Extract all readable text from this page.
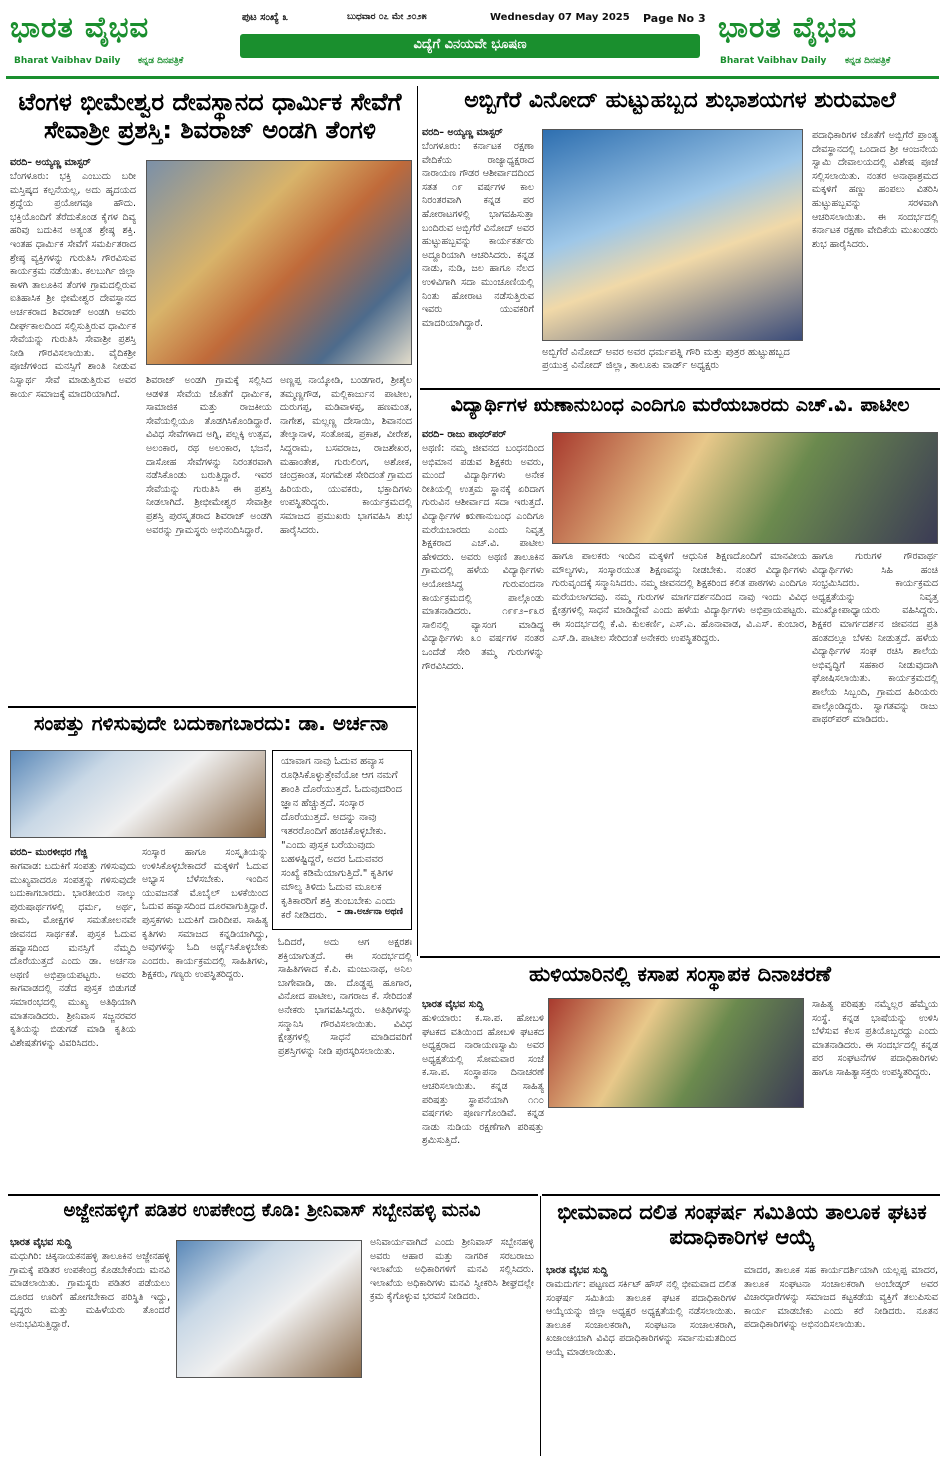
ಭಾರತ ವೈಭವ
Bharat Vaibhav Daily ಕನ್ನಡ ದಿನಪತ್ರಿಕೆ
ಪುಟ ಸಂಖ್ಯೆ ೩	ಬುಧವಾರ ೦೭ ಮೇ ೨೦೨೫	Wednesday 07 May 2025 Page No 3
ವಿದ್ಯೆಗೆ ವಿನಯವೇ ಭೂಷಣ
ಭಾರತ ವೈಭವ
Bharat Vaibhav Daily ಕನ್ನಡ ದಿನಪತ್ರಿಕೆ
ಟೆಂಗಳ ಭೀಮೇಶ್ವರ ದೇವಸ್ಥಾನದ ಧಾರ್ಮಿಕ ಸೇವೆಗೆ ಸೇವಾಶ್ರೀ ಪ್ರಶಸ್ತಿ: ಶಿವರಾಜ್ ಅಂಡಗಿ ತೆಂಗಳಿ
ವರದಿ– ಅಯ್ಯಣ್ಣ ಮಾಸ್ಟರ್
ಬೆಂಗಳೂರು: ಭಕ್ತಿ ಎಂಬುದು ಬರೀ ಮಸ್ತಿಷ್ಕದ ಕಲ್ಪನೆಯಲ್ಲ, ಅದು ಹೃದಯದ ಶ್ರದ್ಧೆಯ ಪ್ರಯೋಗವೂ ಹೌದು. ಭಕ್ತಿಯೊಂದಿಗೆ ತೆರೆದುಕೊಂಡ ಕೈಗಳ ದಿವ್ಯ ಹರಿವು ಬದುಕಿನ ಅತ್ಯಂತ ಶ್ರೇಷ್ಠ ಶಕ್ತಿ. ಇಂತಹ ಧಾರ್ಮಿಕ ಸೇವೆಗೆ ಸಮರ್ಪಿತರಾದ ಶ್ರೇಷ್ಠ ವ್ಯಕ್ತಿಗಳನ್ನು ಗುರುತಿಸಿ ಗೌರವಿಸುವ ಕಾರ್ಯಕ್ರಮ ನಡೆಯಿತು. ಕಲಬುರ್ಗಿ ಜಿಲ್ಲಾ ಕಾಳಗಿ ತಾಲೂಕಿನ ತೆಂಗಳಿ ಗ್ರಾಮದಲ್ಲಿರುವ ಐತಿಹಾಸಿಕ ಶ್ರೀ ಭೀಮೇಶ್ವರ ದೇವಸ್ಥಾನದ ಅರ್ಚಕರಾದ ಶಿವರಾಜ್ ಅಂಡಗಿ ಅವರು ದೀರ್ಘಕಾಲದಿಂದ ಸಲ್ಲಿಸುತ್ತಿರುವ ಧಾರ್ಮಿಕ ಸೇವೆಯನ್ನು ಗುರುತಿಸಿ ಸೇವಾಶ್ರೀ ಪ್ರಶಸ್ತಿ ನೀಡಿ ಗೌರವಿಸಲಾಯಿತು. ವೈದಿಕಶ್ರೀ ಪೂಜೆಗಳಿಂದ ಮನಸ್ಸಿಗೆ ಶಾಂತಿ ನೀಡುವ ನಿಸ್ವಾರ್ಥ ಸೇವೆ ಮಾಡುತ್ತಿರುವ ಅವರ ಕಾರ್ಯ ಸಮಾಜಕ್ಕೆ ಮಾದರಿಯಾಗಿದೆ.
ಶಿವರಾಜ್ ಅಂಡಗಿ ಗ್ರಾಮಕ್ಕೆ ಸಲ್ಲಿಸಿದ ಆಡಳಿತ ಸೇವೆಯ ಜೊತೆಗೆ ಧಾರ್ಮಿಕ, ಸಾಮಾಜಿಕ ಮತ್ತು ರಾಜಕೀಯ ಸೇವೆಯಲ್ಲಿಯೂ ತೊಡಗಿಸಿಕೊಂಡಿದ್ದಾರೆ. ವಿವಿಧ ಸೇವೆಗಳಾದ ಅಗ್ನಿ, ಪಲ್ಲಕ್ಕಿ ಉತ್ಸವ, ಅಲಂಕಾರ, ರಥ ಅಲಂಕಾರ, ಭಜನೆ, ದಾಸೋಹ ಸೇವೆಗಳನ್ನು ನಿರಂತರವಾಗಿ ನಡೆಸಿಕೊಂಡು ಬರುತ್ತಿದ್ದಾರೆ. ಇವರ ಸೇವೆಯನ್ನು ಗುರುತಿಸಿ ಈ ಪ್ರಶಸ್ತಿ ನೀಡಲಾಗಿದೆ. ಶ್ರೀಭೀಮೇಶ್ವರ ಸೇವಾಶ್ರೀ ಪ್ರಶಸ್ತಿ ಪುರಸ್ಕೃತರಾದ ಶಿವರಾಜ್ ಅಂಡಗಿ ಅವರನ್ನು ಗ್ರಾಮಸ್ಥರು ಅಭಿನಂದಿಸಿದ್ದಾರೆ.
ಅಣ್ಣಪ್ಪ ನಾಯ್ಕೋಡಿ, ಬಂಡಗಾರ, ಶ್ರೀಶೈಲ ತಮ್ಮಣ್ಣಗೌಡ, ಮಲ್ಲಿಕಾರ್ಜುನ ಪಾಟೀಲ, ದುರುಗಪ್ಪ, ಮಡಿವಾಳಪ್ಪ, ಹಣಮಂತ, ನಾಗೇಶ, ಮಲ್ಲಣ್ಣ ದೇಸಾಯಿ, ಶಿವಾನಂದ ತೇಲ್ಕಾನಾಳ, ಸಂತೋಷ, ಪ್ರಕಾಶ, ವೀರೇಶ, ಸಿದ್ದರಾಮ, ಬಸವರಾಜ, ರಾಜಶೇಖರ, ಮಹಾಂತೇಶ, ಗುರುಲಿಂಗ, ಅಶೋಕ, ಚಂದ್ರಕಾಂತ, ಸಂಗಮೇಶ ಸೇರಿದಂತೆ ಗ್ರಾಮದ ಹಿರಿಯರು, ಯುವಕರು, ಭಕ್ತಾದಿಗಳು ಉಪಸ್ಥಿತರಿದ್ದರು. ಕಾರ್ಯಕ್ರಮದಲ್ಲಿ ಸಮಾಜದ ಪ್ರಮುಖರು ಭಾಗವಹಿಸಿ ಶುಭ ಹಾರೈಸಿದರು.
ಅಬ್ಬಿಗೆರೆ ವಿನೋದ್ ಹುಟ್ಟುಹಬ್ಬದ ಶುಭಾಶಯಗಳ ಶುರುಮಾಲೆ
ವರದಿ– ಅಯ್ಯಣ್ಣ ಮಾಸ್ಟರ್
ಬೆಂಗಳೂರು: ಕರ್ನಾಟಕ ರಕ್ಷಣಾ ವೇದಿಕೆಯ ರಾಜ್ಯಾಧ್ಯಕ್ಷರಾದ ನಾರಾಯಣ ಗೌಡರ ಆಶೀರ್ವಾದದಿಂದ ಸತತ ೧೯ ವರ್ಷಗಳ ಕಾಲ ನಿರಂತರವಾಗಿ ಕನ್ನಡ ಪರ ಹೋರಾಟಗಳಲ್ಲಿ ಭಾಗವಹಿಸುತ್ತಾ ಬಂದಿರುವ ಅಬ್ಬಿಗೆರೆ ವಿನೋದ್ ಅವರ ಹುಟ್ಟುಹಬ್ಬವನ್ನು ಕಾರ್ಯಕರ್ತರು ಅದ್ದೂರಿಯಾಗಿ ಆಚರಿಸಿದರು. ಕನ್ನಡ ನಾಡು, ನುಡಿ, ಜಲ ಹಾಗೂ ನೆಲದ ಉಳಿವಿಗಾಗಿ ಸದಾ ಮುಂಚೂಣಿಯಲ್ಲಿ ನಿಂತು ಹೋರಾಟ ನಡೆಸುತ್ತಿರುವ ಇವರು ಯುವಕರಿಗೆ ಮಾದರಿಯಾಗಿದ್ದಾರೆ.
ಅಬ್ಬಿಗೆರೆ ವಿನೋದ್ ಅವರ ಅವರ ಧರ್ಮಪತ್ನಿ ಗೌರಿ ಮತ್ತು ಪುತ್ರರ ಹುಟ್ಟುಹಬ್ಬದ ಪ್ರಯುಕ್ತ ವಿನೋದ್ ಜಿಲ್ಲಾ, ತಾಲೂಕು ವಾರ್ಡ್ ಅಧ್ಯಕ್ಷರು
ಪದಾಧಿಕಾರಿಗಳ ಜೊತೆಗೆ ಅಬ್ಬಿಗೆರೆ ಪ್ರಾಂತ್ಯ ದೇವಸ್ಥಾನದಲ್ಲಿ ಒಂದಾದ ಶ್ರೀ ಆಂಜನೇಯ ಸ್ವಾಮಿ ದೇವಾಲಯದಲ್ಲಿ ವಿಶೇಷ ಪೂಜೆ ಸಲ್ಲಿಸಲಾಯಿತು. ನಂತರ ಅನಾಥಾಶ್ರಮದ ಮಕ್ಕಳಿಗೆ ಹಣ್ಣು ಹಂಪಲು ವಿತರಿಸಿ ಹುಟ್ಟುಹಬ್ಬವನ್ನು ಸರಳವಾಗಿ ಆಚರಿಸಲಾಯಿತು. ಈ ಸಂದರ್ಭದಲ್ಲಿ ಕರ್ನಾಟಕ ರಕ್ಷಣಾ ವೇದಿಕೆಯ ಮುಖಂಡರು ಶುಭ ಹಾರೈಸಿದರು.
ವಿದ್ಯಾರ್ಥಿಗಳ ಋಣಾನುಬಂಧ ಎಂದಿಗೂ ಮರೆಯಬಾರದು ಎಚ್.ವಿ. ಪಾಟೀಲ
ವರದಿ– ರಾಜು ಪಾಥರ್‌ಪರ್
ಅಥಣಿ: ನಮ್ಮ ಜೀವನದ ಬಂಧನದಿಂದ ಅಭಿಮಾನ ಪಡುವ ಶಿಕ್ಷಕರು ಅವರು, ಮುಂದೆ ವಿದ್ಯಾರ್ಥಿಗಳು ಅನೇಕ ರೀತಿಯಲ್ಲಿ ಉತ್ತಮ ಸ್ಥಾನಕ್ಕೆ ಏರಿದಾಗ ಗುರುವಿನ ಆಶೀರ್ವಾದ ಸದಾ ಇರುತ್ತದೆ. ವಿದ್ಯಾರ್ಥಿಗಳ ಋಣಾನುಬಂಧ ಎಂದಿಗೂ ಮರೆಯಬಾರದು ಎಂದು ನಿವೃತ್ತ ಶಿಕ್ಷಕರಾದ ಎಚ್.ವಿ. ಪಾಟೀಲ ಹೇಳಿದರು. ಅವರು ಅಥಣಿ ತಾಲೂಕಿನ ಗ್ರಾಮದಲ್ಲಿ ಹಳೆಯ ವಿದ್ಯಾರ್ಥಿಗಳು ಆಯೋಜಿಸಿದ್ದ ಗುರುವಂದನಾ ಕಾರ್ಯಕ್ರಮದಲ್ಲಿ ಪಾಲ್ಗೊಂಡು ಮಾತನಾಡಿದರು. ೧೯೯೨–೯೩ರ ಸಾಲಿನಲ್ಲಿ ವ್ಯಾಸಂಗ ಮಾಡಿದ್ದ ವಿದ್ಯಾರ್ಥಿಗಳು ೩೦ ವರ್ಷಗಳ ನಂತರ ಒಂದೆಡೆ ಸೇರಿ ತಮ್ಮ ಗುರುಗಳನ್ನು ಗೌರವಿಸಿದರು.
ಹಾಗೂ ಪಾಲಕರು ಇಂದಿನ ಮಕ್ಕಳಿಗೆ ಆಧುನಿಕ ಶಿಕ್ಷಣದೊಂದಿಗೆ ಮಾನವೀಯ ಮೌಲ್ಯಗಳು, ಸಂಸ್ಕಾರಯುತ ಶಿಕ್ಷಣವನ್ನು ನೀಡಬೇಕು. ನಂತರ ವಿದ್ಯಾರ್ಥಿಗಳು ಗುರುವೃಂದಕ್ಕೆ ಸನ್ಮಾನಿಸಿದರು. ನಮ್ಮ ಜೀವನದಲ್ಲಿ ಶಿಕ್ಷಕರಿಂದ ಕಲಿತ ಪಾಠಗಳು ಎಂದಿಗೂ ಮರೆಯಲಾಗದವು. ನಮ್ಮ ಗುರುಗಳ ಮಾರ್ಗದರ್ಶನದಿಂದ ನಾವು ಇಂದು ವಿವಿಧ ಕ್ಷೇತ್ರಗಳಲ್ಲಿ ಸಾಧನೆ ಮಾಡಿದ್ದೇವೆ ಎಂದು ಹಳೆಯ ವಿದ್ಯಾರ್ಥಿಗಳು ಅಭಿಪ್ರಾಯಪಟ್ಟರು. ಈ ಸಂದರ್ಭದಲ್ಲಿ ಕೆ.ವಿ. ಕುಲಕರ್ಣಿ, ಎಸ್.ಎ. ಹೊನಾವಾಡ, ವಿ.ಎಸ್. ಕುಂಬಾರ, ಎಸ್.ಡಿ. ಪಾಟೀಲ ಸೇರಿದಂತೆ ಅನೇಕರು ಉಪಸ್ಥಿತರಿದ್ದರು.
ಹಾಗೂ ಗುರುಗಳ ಗೌರವಾರ್ಥ ವಿದ್ಯಾರ್ಥಿಗಳು ಸಿಹಿ ಹಂಚಿ ಸಂಭ್ರಮಿಸಿದರು. ಕಾರ್ಯಕ್ರಮದ ಅಧ್ಯಕ್ಷತೆಯನ್ನು ನಿವೃತ್ತ ಮುಖ್ಯೋಪಾಧ್ಯಾಯರು ವಹಿಸಿದ್ದರು. ಶಿಕ್ಷಕರ ಮಾರ್ಗದರ್ಶನ ಜೀವನದ ಪ್ರತಿ ಹಂತದಲ್ಲೂ ಬೆಳಕು ನೀಡುತ್ತದೆ. ಹಳೆಯ ವಿದ್ಯಾರ್ಥಿಗಳ ಸಂಘ ರಚಿಸಿ ಶಾಲೆಯ ಅಭಿವೃದ್ಧಿಗೆ ಸಹಕಾರ ನೀಡುವುದಾಗಿ ಘೋಷಿಸಲಾಯಿತು. ಕಾರ್ಯಕ್ರಮದಲ್ಲಿ ಶಾಲೆಯ ಸಿಬ್ಬಂದಿ, ಗ್ರಾಮದ ಹಿರಿಯರು ಪಾಲ್ಗೊಂಡಿದ್ದರು. ಸ್ವಾಗತವನ್ನು ರಾಜು ಪಾಥರ್‌ಪರ್ ಮಾಡಿದರು.
ಸಂಪತ್ತು ಗಳಿಸುವುದೇ ಬದುಕಾಗಬಾರದು: ಡಾ. ಅರ್ಚನಾ
ಯಾವಾಗ ನಾವು ಓದುವ ಹವ್ಯಾಸ ರೂಢಿಸಿಕೊಳ್ಳುತ್ತೇವೆಯೋ ಆಗ ನಮಗೆ ಶಾಂತಿ ದೊರೆಯುತ್ತದೆ. ಓದುವುದರಿಂದ ಜ್ಞಾನ ಹೆಚ್ಚುತ್ತದೆ. ಸಂಸ್ಕಾರ ದೊರೆಯುತ್ತದೆ. ಅದನ್ನು ನಾವು ಇತರರೊಂದಿಗೆ ಹಂಚಿಕೊಳ್ಳಬೇಕು. "ಎಂದು ಪುಸ್ತಕ ಬರೆಯುವುದು ಬಹಳಷ್ಟಿದ್ದರೆ, ಅದರ ಓದುವವರ ಸಂಖ್ಯೆ ಕಡಿಮೆಯಾಗುತ್ತಿದೆ." ಕೃತಿಗಳ ಮೌಲ್ಯ ತಿಳಿದು ಓದುವ ಮೂಲಕ ಕೃತಿಕಾರರಿಗೆ ಶಕ್ತಿ ತುಂಬಬೇಕು ಎಂದು ಕರೆ ನೀಡಿದರು.	– ಡಾ.ಅರ್ಚನಾ ಅಥಣಿ
ವರದಿ– ಮುರಳೀಧರ ಗೆಜ್ಜಿ
ಕಾಗವಾಡ: ಬದುಕಿಗೆ ಸಂಪತ್ತು ಗಳಿಸುವುದು ಮುಖ್ಯವಾದರೂ ಸಂಪತ್ತನ್ನು ಗಳಿಸುವುದೇ ಬದುಕಾಗಬಾರದು. ಭಾರತೀಯರ ನಾಲ್ಕು ಪುರುಷಾರ್ಥಗಳಲ್ಲಿ ಧರ್ಮ, ಅರ್ಥ, ಕಾಮ, ಮೋಕ್ಷಗಳ ಸಮತೋಲನವೇ ಜೀವನದ ಸಾರ್ಥಕತೆ. ಪುಸ್ತಕ ಓದುವ ಹವ್ಯಾಸದಿಂದ ಮನಸ್ಸಿಗೆ ನೆಮ್ಮದಿ ದೊರೆಯುತ್ತದೆ ಎಂದು ಡಾ. ಅರ್ಚನಾ ಅಥಣಿ ಅಭಿಪ್ರಾಯಪಟ್ಟರು. ಅವರು ಕಾಗವಾಡದಲ್ಲಿ ನಡೆದ ಪುಸ್ತಕ ಬಿಡುಗಡೆ ಸಮಾರಂಭದಲ್ಲಿ ಮುಖ್ಯ ಅತಿಥಿಯಾಗಿ ಮಾತನಾಡಿದರು. ಶ್ರೀನಿವಾಸ ಸಜ್ಜನರವರ ಕೃತಿಯನ್ನು ಬಿಡುಗಡೆ ಮಾಡಿ ಕೃತಿಯ ವಿಶೇಷತೆಗಳನ್ನು ವಿವರಿಸಿದರು.
ಸಂಸ್ಕಾರ ಹಾಗೂ ಸಂಸ್ಕೃತಿಯನ್ನು ಉಳಿಸಿಕೊಳ್ಳಬೇಕಾದರೆ ಮಕ್ಕಳಿಗೆ ಓದುವ ಅಭ್ಯಾಸ ಬೆಳೆಸಬೇಕು. ಇಂದಿನ ಯುವಜನತೆ ಮೊಬೈಲ್ ಬಳಕೆಯಿಂದ ಓದುವ ಹವ್ಯಾಸದಿಂದ ದೂರವಾಗುತ್ತಿದ್ದಾರೆ. ಪುಸ್ತಕಗಳು ಬದುಕಿಗೆ ದಾರಿದೀಪ. ಸಾಹಿತ್ಯ ಕೃತಿಗಳು ಸಮಾಜದ ಕನ್ನಡಿಯಾಗಿದ್ದು, ಅವುಗಳನ್ನು ಓದಿ ಅರ್ಥೈಸಿಕೊಳ್ಳಬೇಕು ಎಂದರು. ಕಾರ್ಯಕ್ರಮದಲ್ಲಿ ಸಾಹಿತಿಗಳು, ಶಿಕ್ಷಕರು, ಗಣ್ಯರು ಉಪಸ್ಥಿತರಿದ್ದರು.
ಓದಿದರೆ, ಅದು ಆಗ ಅಕ್ಷರಶಃ ಶಕ್ತಿಯಾಗುತ್ತದೆ. ಈ ಸಂದರ್ಭದಲ್ಲಿ ಸಾಹಿತಿಗಳಾದ ಕೆ.ಪಿ. ಮಂಜುನಾಥ, ಅನಿಲ ಬಾಗೇವಾಡಿ, ಡಾ. ದೊಡ್ಡಪ್ಪ ಹೂಗಾರ, ವಿನೋದ ಪಾಟೀಲ, ನಾಗರಾಜ ಕೆ. ಸೇರಿದಂತೆ ಅನೇಕರು ಭಾಗವಹಿಸಿದ್ದರು. ಅತಿಥಿಗಳನ್ನು ಸನ್ಮಾನಿಸಿ ಗೌರವಿಸಲಾಯಿತು. ವಿವಿಧ ಕ್ಷೇತ್ರಗಳಲ್ಲಿ ಸಾಧನೆ ಮಾಡಿದವರಿಗೆ ಪ್ರಶಸ್ತಿಗಳನ್ನು ನೀಡಿ ಪುರಸ್ಕರಿಸಲಾಯಿತು.
ಹುಳಿಯಾರಿನಲ್ಲಿ ಕಸಾಪ ಸಂಸ್ಥಾಪಕ ದಿನಾಚರಣೆ
ಭಾರತ ವೈಭವ ಸುದ್ದಿ
ಹುಳಿಯಾರು: ಕ.ಸಾ.ಪ. ಹೋಬಳಿ ಘಟಕದ ವತಿಯಿಂದ ಹೋಬಳಿ ಘಟಕದ ಅಧ್ಯಕ್ಷರಾದ ನಾರಾಯಣಸ್ವಾಮಿ ಅವರ ಅಧ್ಯಕ್ಷತೆಯಲ್ಲಿ ಸೋಮವಾರ ಸಂಜೆ ಕ.ಸಾ.ಪ. ಸಂಸ್ಥಾಪನಾ ದಿನಾಚರಣೆ ಆಚರಿಸಲಾಯಿತು. ಕನ್ನಡ ಸಾಹಿತ್ಯ ಪರಿಷತ್ತು ಸ್ಥಾಪನೆಯಾಗಿ ೧೧೦ ವರ್ಷಗಳು ಪೂರ್ಣಗೊಂಡಿವೆ. ಕನ್ನಡ ನಾಡು ನುಡಿಯ ರಕ್ಷಣೆಗಾಗಿ ಪರಿಷತ್ತು ಶ್ರಮಿಸುತ್ತಿದೆ.
ಸಾಹಿತ್ಯ ಪರಿಷತ್ತು ನಮ್ಮೆಲ್ಲರ ಹೆಮ್ಮೆಯ ಸಂಸ್ಥೆ. ಕನ್ನಡ ಭಾಷೆಯನ್ನು ಉಳಿಸಿ ಬೆಳೆಸುವ ಕೆಲಸ ಪ್ರತಿಯೊಬ್ಬರದ್ದು ಎಂದು ಮಾತನಾಡಿದರು. ಈ ಸಂದರ್ಭದಲ್ಲಿ ಕನ್ನಡ ಪರ ಸಂಘಟನೆಗಳ ಪದಾಧಿಕಾರಿಗಳು ಹಾಗೂ ಸಾಹಿತ್ಯಾಸಕ್ತರು ಉಪಸ್ಥಿತರಿದ್ದರು.
ಅಜ್ಜೇನಹಳ್ಳಿಗೆ ಪಡಿತರ ಉಪಕೇಂದ್ರ ಕೊಡಿ: ಶ್ರೀನಿವಾಸ್ ಸಬ್ಬೇನಹಳ್ಳಿ ಮನವಿ
ಭಾರತ ವೈಭವ ಸುದ್ದಿ
ಮಧುಗಿರಿ: ಚಿಕ್ಕನಾಯಕನಹಳ್ಳಿ ತಾಲೂಕಿನ ಅಜ್ಜೇನಹಳ್ಳಿ ಗ್ರಾಮಕ್ಕೆ ಪಡಿತರ ಉಪಕೇಂದ್ರ ಕೊಡಬೇಕೆಂದು ಮನವಿ ಮಾಡಲಾಯಿತು. ಗ್ರಾಮಸ್ಥರು ಪಡಿತರ ಪಡೆಯಲು ದೂರದ ಊರಿಗೆ ಹೋಗಬೇಕಾದ ಪರಿಸ್ಥಿತಿ ಇದ್ದು, ವೃದ್ಧರು ಮತ್ತು ಮಹಿಳೆಯರು ತೊಂದರೆ ಅನುಭವಿಸುತ್ತಿದ್ದಾರೆ.
ಅನಿವಾರ್ಯವಾಗಿದೆ ಎಂದು ಶ್ರೀನಿವಾಸ್ ಸಬ್ಬೇನಹಳ್ಳಿ ಅವರು ಆಹಾರ ಮತ್ತು ನಾಗರಿಕ ಸರಬರಾಜು ಇಲಾಖೆಯ ಅಧಿಕಾರಿಗಳಿಗೆ ಮನವಿ ಸಲ್ಲಿಸಿದರು. ಇಲಾಖೆಯ ಅಧಿಕಾರಿಗಳು ಮನವಿ ಸ್ವೀಕರಿಸಿ ಶೀಘ್ರದಲ್ಲೇ ಕ್ರಮ ಕೈಗೊಳ್ಳುವ ಭರವಸೆ ನೀಡಿದರು.
ಭೀಮವಾದ ದಲಿತ ಸಂಘರ್ಷ ಸಮಿತಿಯ ತಾಲೂಕ ಘಟಕ ಪದಾಧಿಕಾರಿಗಳ ಆಯ್ಕೆ
ಭಾರತ ವೈಭವ ಸುದ್ದಿ
ರಾಮದುರ್ಗ: ಪಟ್ಟಣದ ಸರ್ಕಿಟ್ ಹೌಸ್ ನಲ್ಲಿ ಭೀಮವಾದ ದಲಿತ ಸಂಘರ್ಷ ಸಮಿತಿಯ ತಾಲೂಕ ಘಟಕ ಪದಾಧಿಕಾರಿಗಳ ಆಯ್ಕೆಯನ್ನು ಜಿಲ್ಲಾ ಅಧ್ಯಕ್ಷರ ಅಧ್ಯಕ್ಷತೆಯಲ್ಲಿ ನಡೆಸಲಾಯಿತು. ತಾಲೂಕ ಸಂಚಾಲಕರಾಗಿ, ಸಂಘಟನಾ ಸಂಚಾಲಕರಾಗಿ, ಖಜಾಂಚಿಯಾಗಿ ವಿವಿಧ ಪದಾಧಿಕಾರಿಗಳನ್ನು ಸರ್ವಾನುಮತದಿಂದ ಆಯ್ಕೆ ಮಾಡಲಾಯಿತು.
ಮಾದರ, ತಾಲೂಕ ಸಹ ಕಾರ್ಯದರ್ಶಿಯಾಗಿ ಯಲ್ಲಪ್ಪ ಮಾದರ, ತಾಲೂಕ ಸಂಘಟನಾ ಸಂಚಾಲಕರಾಗಿ ಅಂಬೇಡ್ಕರ್ ಅವರ ವಿಚಾರಧಾರೆಗಳನ್ನು ಸಮಾಜದ ಕಟ್ಟಕಡೆಯ ವ್ಯಕ್ತಿಗೆ ತಲುಪಿಸುವ ಕಾರ್ಯ ಮಾಡಬೇಕು ಎಂದು ಕರೆ ನೀಡಿದರು. ನೂತನ ಪದಾಧಿಕಾರಿಗಳನ್ನು ಅಭಿನಂದಿಸಲಾಯಿತು.
